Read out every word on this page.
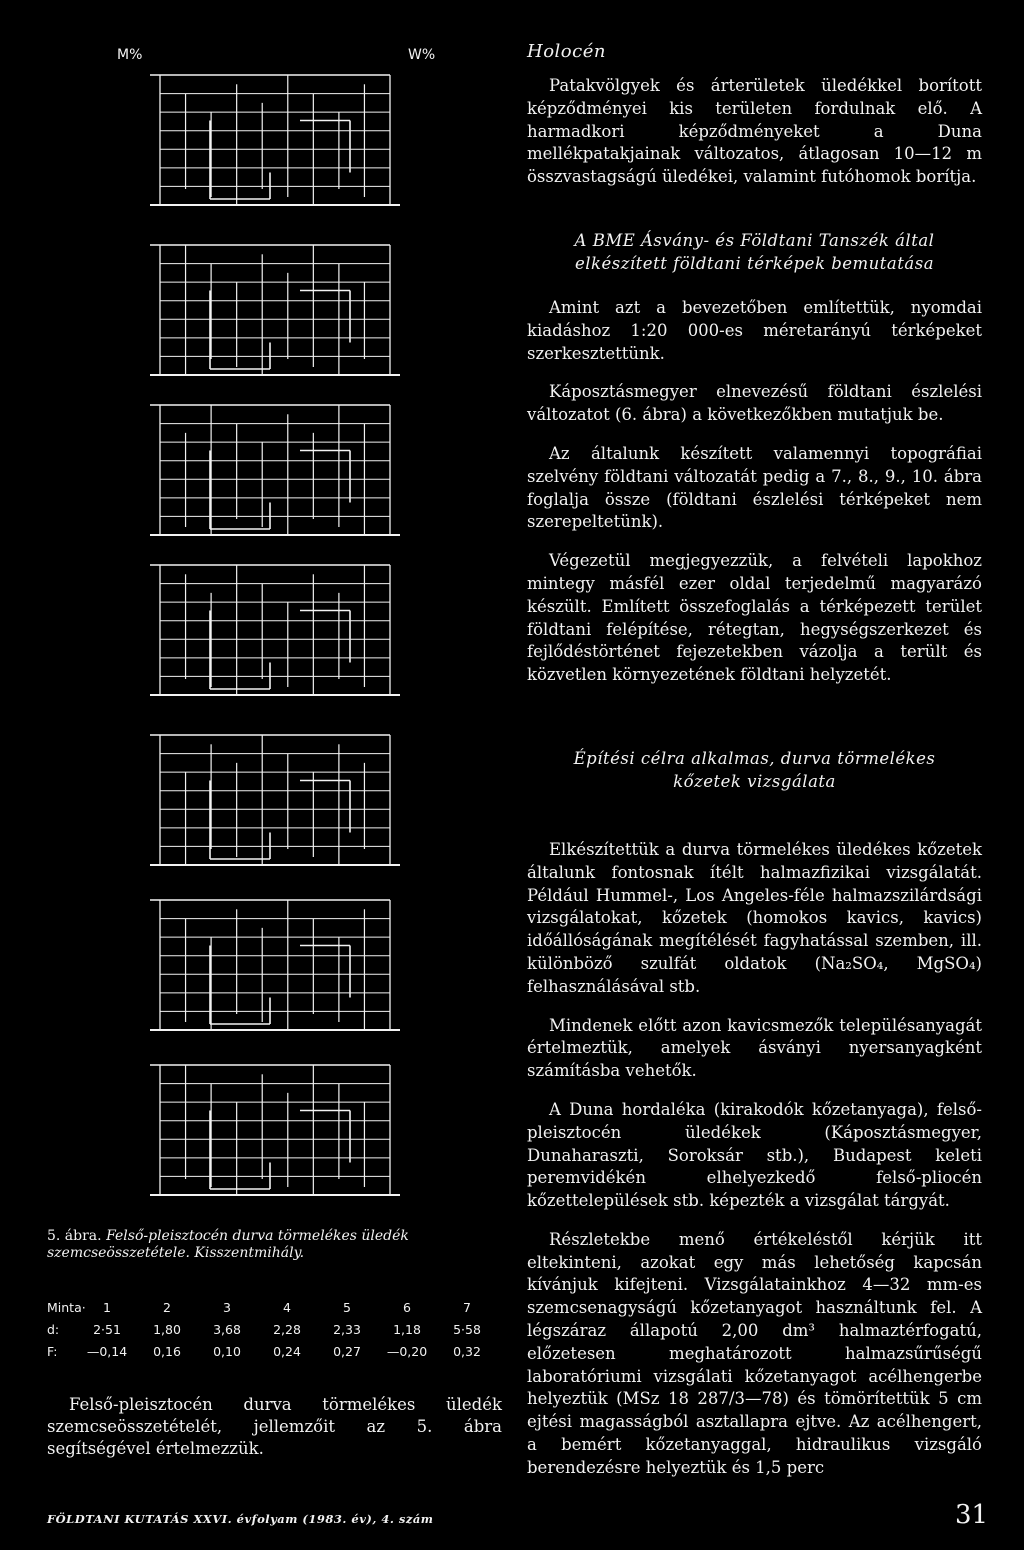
M%	W%
5. ábra. Felső-pleisztocén durva törmelékes üledék szemcseösszetétele. Kisszentmihály.
Minta·	1	2	3	4	5	6	7
d:	2·51	1,80	3,68	2,28	2,33	1,18	5·58
F:	—0,14	0,16	0,10	0,24	0,27	—0,20	0,32
Felső-pleisztocén durva törmelékes üledék szemcseösszetételét, jellemzőit az 5. ábra segítségével értelmezzük.
Holocén

Patakvölgyek és árterületek üledékkel borított képződményei kis területen fordulnak elő. A harmadkori képződményeket a Duna mellékpatakjainak változatos, átlagosan 10—12 m összvastagságú üledékei, valamint futóhomok borítja.

A BME Ásvány- és Földtani Tanszék által
elkészített földtani térképek bemutatása

Amint azt a bevezetőben említettük, nyomdai kiadáshoz 1:20 000-es méretarányú térképeket szerkesztettünk.

Káposztásmegyer elnevezésű földtani észlelési változatot (6. ábra) a következőkben mutatjuk be.

Az általunk készített valamennyi topográfiai szelvény földtani változatát pedig a 7., 8., 9., 10. ábra foglalja össze (földtani észlelési térképeket nem szerepeltetünk).

Végezetül megjegyezzük, a felvételi lapokhoz mintegy másfél ezer oldal terjedelmű magyarázó készült. Említett összefoglalás a térképezett terület földtani felépítése, rétegtan, hegységszerkezet és fejlődéstörténet fejezetekben vázolja a terült és közvetlen környezetének földtani helyzetét.

Építési célra alkalmas, durva törmelékes
kőzetek vizsgálata

Elkészítettük a durva törmelékes üledékes kőzetek általunk fontosnak ítélt halmazfizikai vizsgálatát. Például Hummel-, Los Angeles-féle halmazszilárdsági vizsgálatokat, kőzetek (homokos kavics, kavics) időállóságának megítélését fagyhatással szemben, ill. különböző szulfát oldatok (Na₂SO₄, MgSO₄) felhasználásával stb.

Mindenek előtt azon kavicsmezők településanyagát értelmeztük, amelyek ásványi nyersanyagként számításba vehetők.

A Duna hordaléka (kirakodók kőzetanyaga), felső-pleisztocén üledékek (Káposztásmegyer, Dunaharaszti, Soroksár stb.), Budapest keleti peremvidékén elhelyezkedő felső-pliocén kőzettelepülések stb. képezték a vizsgálat tárgyát.

Részletekbe menő értékeléstől kérjük itt eltekinteni, azokat egy más lehetőség kapcsán kívánjuk kifejteni. Vizsgálatainkhoz 4—32 mm-es szemcsenagyságú kőzetanyagot használtunk fel. A légszáraz állapotú 2,00 dm³ halmaztérfogatú, előzetesen meghatározott halmazsűrűségű laboratóriumi vizsgálati kőzetanyagot acélhengerbe helyeztük (MSz 18 287/3—78) és tömörítettük 5 cm ejtési magasságból asztallapra ejtve. Az acélhengert, a bemért kőzetanyaggal, hidraulikus vizsgáló berendezésre helyeztük és 1,5 perc

FÖLDTANI KUTATÁS XXVI. évfolyam (1983. év), 4. szám	31
